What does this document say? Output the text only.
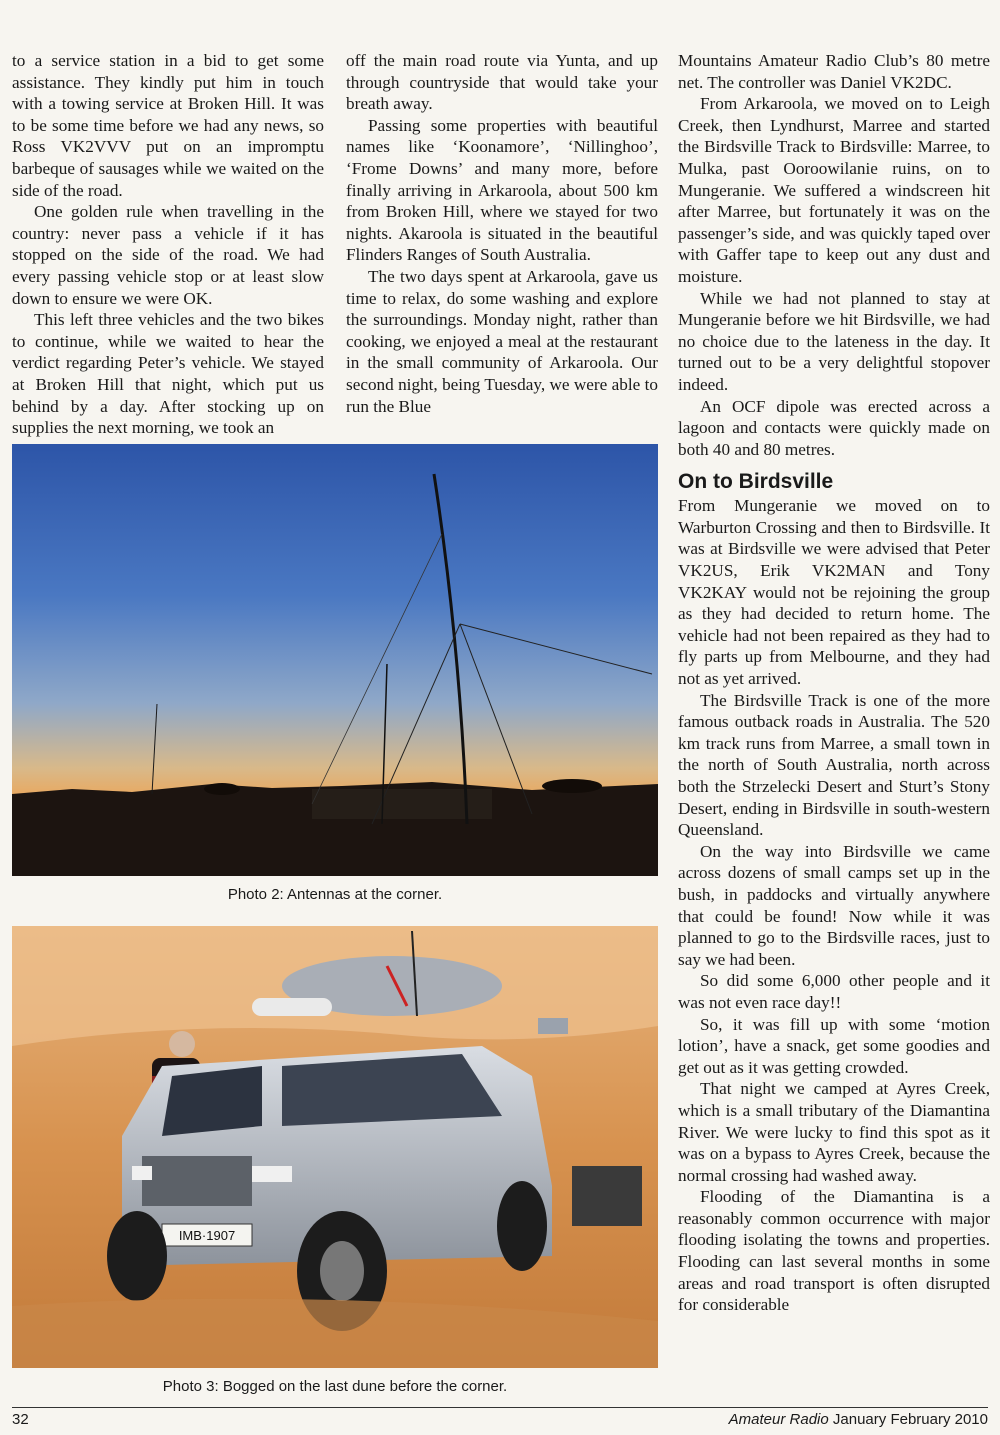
to a service station in a bid to get some assistance. They kindly put him in touch with a towing service at Broken Hill. It was to be some time before we had any news, so Ross VK2VVV put on an impromptu barbeque of sausages while we waited on the side of the road.

One golden rule when travelling in the country: never pass a vehicle if it has stopped on the side of the road. We had every passing vehicle stop or at least slow down to ensure we were OK.

This left three vehicles and the two bikes to continue, while we waited to hear the verdict regarding Peter’s vehicle. We stayed at Broken Hill that night, which put us behind by a day. After stocking up on supplies the next morning, we took an

off the main road route via Yunta, and up through countryside that would take your breath away.

Passing some properties with beautiful names like ‘Koonamore’, ‘Nillinghoo’, ‘Frome Downs’ and many more, before finally arriving in Arkaroola, about 500 km from Broken Hill, where we stayed for two nights. Akaroola is situated in the beautiful Flinders Ranges of South Australia.

The two days spent at Arkaroola, gave us time to relax, do some washing and explore the surroundings. Monday night, rather than cooking, we enjoyed a meal at the restaurant in the small community of Arkaroola. Our second night, being Tuesday, we were able to run the Blue

Mountains Amateur Radio Club’s 80 metre net. The controller was Daniel VK2DC.

From Arkaroola, we moved on to Leigh Creek, then Lyndhurst, Marree and started the Birdsville Track to Birdsville: Marree, to Mulka, past Ooroowilanie ruins, on to Mungeranie. We suffered a windscreen hit after Marree, but fortunately it was on the passenger’s side, and was quickly taped over with Gaffer tape to keep out any dust and moisture.

While we had not planned to stay at Mungeranie before we hit Birdsville, we had no choice due to the lateness in the day. It turned out to be a very delightful stopover indeed.

An OCF dipole was erected across a lagoon and contacts were quickly made on both 40 and 80 metres.

On to Birdsville

From Mungeranie we moved on to Warburton Crossing and then to Birdsville. It was at Birdsville we were advised that Peter VK2US, Erik VK2MAN and Tony VK2KAY would not be rejoining the group as they had decided to return home. The vehicle had not been repaired as they had to fly parts up from Melbourne, and they had not as yet arrived.

The Birdsville Track is one of the more famous outback roads in Australia. The 520 km track runs from Marree, a small town in the north of South Australia, north across both the Strzelecki Desert and Sturt’s Stony Desert, ending in Birdsville in south-western Queensland.

On the way into Birdsville we came across dozens of small camps set up in the bush, in paddocks and virtually anywhere that could be found! Now while it was planned to go to the Birdsville races, just to say we had been.

So did some 6,000 other people and it was not even race day!!

So, it was fill up with some ‘motion lotion’, have a snack, get some goodies and get out as it was getting crowded.

That night we camped at Ayres Creek, which is a small tributary of the Diamantina River. We were lucky to find this spot as it was on a bypass to Ayres Creek, because the normal crossing had washed away.

Flooding of the Diamantina is a reasonably common occurrence with major flooding isolating the towns and properties. Flooding can last several months in some areas and road transport is often disrupted for considerable

Photo 2: Antennas at the corner.
IMB·1907
Photo 3: Bogged on the last dune before the corner.
32	Amateur Radio January February 2010
